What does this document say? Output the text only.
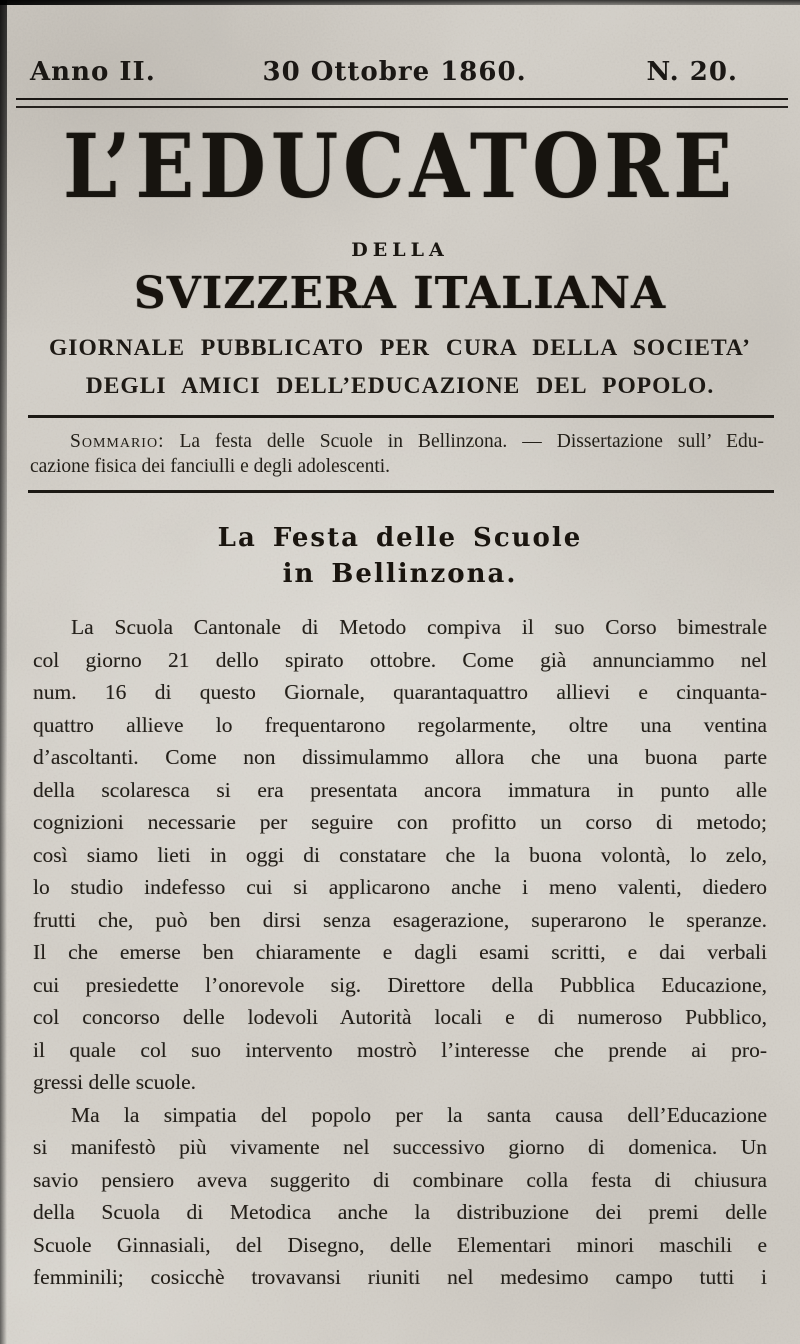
Anno II.	30 Ottobre 1860.	N. 20.
L’EDUCATORE
DELLA
SVIZZERA ITALIANA
GIORNALE PUBBLICATO PER CURA DELLA SOCIETA’
DEGLI AMICI DELL’EDUCAZIONE DEL POPOLO.
Sommario: La festa delle Scuole in Bellinzona. — Dissertazione sull’ Edu-
cazione fisica dei fanciulli e degli adolescenti.
La Festa delle Scuole
in Bellinzona.
La Scuola Cantonale di Metodo compiva il suo Corso bimestrale
col giorno 21 dello spirato ottobre. Come già annunciammo nel
num. 16 di questo Giornale, quarantaquattro allievi e cinquanta-
quattro allieve lo frequentarono regolarmente, oltre una ventina
d’ascoltanti. Come non dissimulammo allora che una buona parte
della scolaresca si era presentata ancora immatura in punto alle
cognizioni necessarie per seguire con profitto un corso di metodo;
così siamo lieti in oggi di constatare che la buona volontà, lo zelo,
lo studio indefesso cui si applicarono anche i meno valenti, diedero
frutti che, può ben dirsi senza esagerazione, superarono le speranze.
Il che emerse ben chiaramente e dagli esami scritti, e dai verbali
cui presiedette l’onorevole sig. Direttore della Pubblica Educazione,
col concorso delle lodevoli Autorità locali e di numeroso Pubblico,
il quale col suo intervento mostrò l’interesse che prende ai pro-
gressi delle scuole.
Ma la simpatia del popolo per la santa causa dell’Educazione
si manifestò più vivamente nel successivo giorno di domenica. Un
savio pensiero aveva suggerito di combinare colla festa di chiusura
della Scuola di Metodica anche la distribuzione dei premi delle
Scuole Ginnasiali, del Disegno, delle Elementari minori maschili e
femminili; cosicchè trovavansi riuniti nel medesimo campo tutti i
